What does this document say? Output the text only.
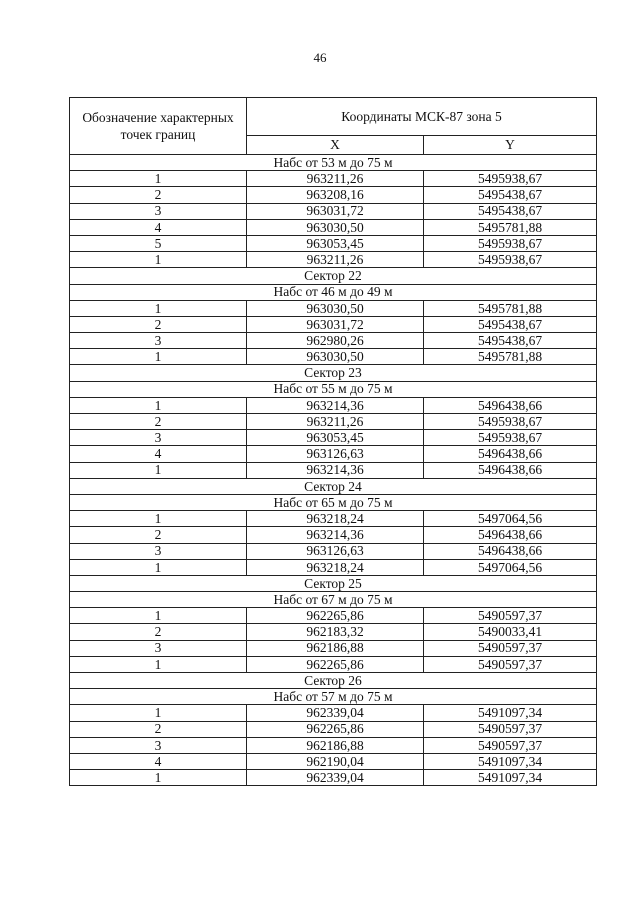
46
Обозначение характерных точек границ	Координаты МСК-87 зона 5	
	X	Y
Набс от 53 м до 75 м		
1	963211,26	5495938,67
2	963208,16	5495438,67
3	963031,72	5495438,67
4	963030,50	5495781,88
5	963053,45	5495938,67
1	963211,26	5495938,67
Сектор 22		
Набс от 46 м до 49 м		
1	963030,50	5495781,88
2	963031,72	5495438,67
3	962980,26	5495438,67
1	963030,50	5495781,88
Сектор 23		
Набс от 55 м до 75 м		
1	963214,36	5496438,66
2	963211,26	5495938,67
3	963053,45	5495938,67
4	963126,63	5496438,66
1	963214,36	5496438,66
Сектор 24		
Набс от 65 м до 75 м		
1	963218,24	5497064,56
2	963214,36	5496438,66
3	963126,63	5496438,66
1	963218,24	5497064,56
Сектор 25		
Набс от 67 м до 75 м		
1	962265,86	5490597,37
2	962183,32	5490033,41
3	962186,88	5490597,37
1	962265,86	5490597,37
Сектор 26		
Набс от 57 м до 75 м		
1	962339,04	5491097,34
2	962265,86	5490597,37
3	962186,88	5490597,37
4	962190,04	5491097,34
1	962339,04	5491097,34
